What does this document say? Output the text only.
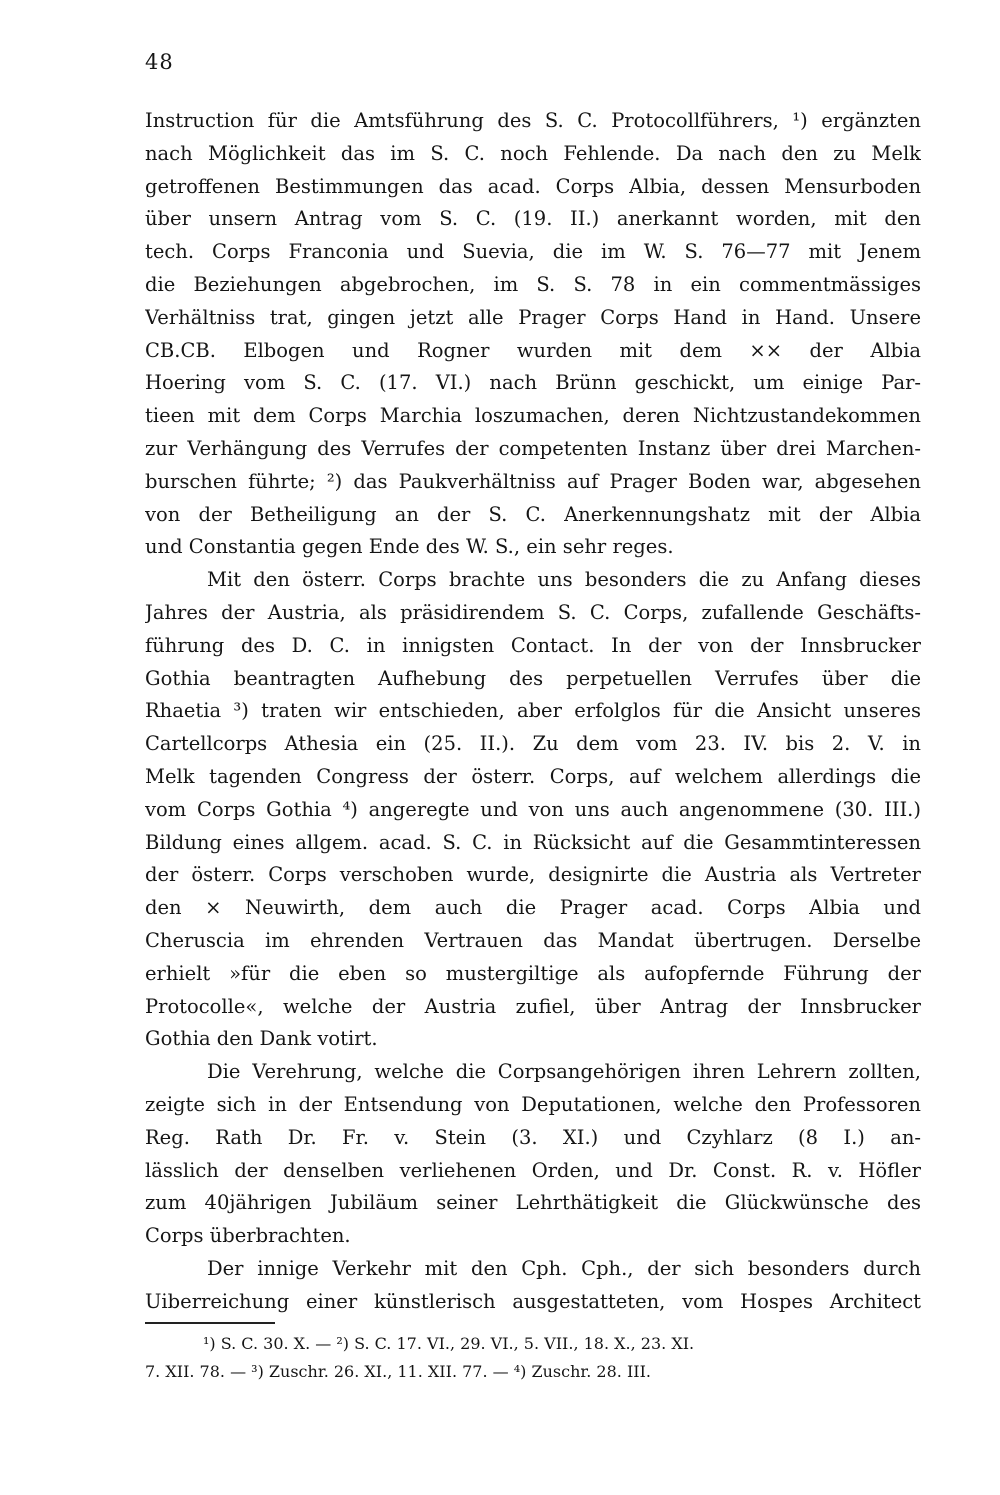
48
Instruction für die Amtsführung des S. C. Protocollführers, ¹) ergänzten
nach Möglichkeit das im S. C. noch Fehlende. Da nach den zu Melk
getroffenen Bestimmungen das acad. Corps Albia, dessen Mensurboden
über unsern Antrag vom S. C. (19. II.) anerkannt worden, mit den
tech. Corps Franconia und Suevia, die im W. S. 76—77 mit Jenem
die Beziehungen abgebrochen, im S. S. 78 in ein commentmässiges
Verhältniss trat, gingen jetzt alle Prager Corps Hand in Hand. Unsere
CB.CB. Elbogen und Rogner wurden mit dem ×× der Albia
Hoering vom S. C. (17. VI.) nach Brünn geschickt, um einige Par-
tieen mit dem Corps Marchia loszumachen, deren Nichtzustandekommen
zur Verhängung des Verrufes der competenten Instanz über drei Marchen-
burschen führte; ²) das Paukverhältniss auf Prager Boden war, abgesehen
von der Betheiligung an der S. C. Anerkennungshatz mit der Albia
und Constantia gegen Ende des W. S., ein sehr reges.
Mit den österr. Corps brachte uns besonders die zu Anfang dieses
Jahres der Austria, als präsidirendem S. C. Corps, zufallende Geschäfts-
führung des D. C. in innigsten Contact. In der von der Innsbrucker
Gothia beantragten Aufhebung des perpetuellen Verrufes über die
Rhaetia ³) traten wir entschieden, aber erfolglos für die Ansicht unseres
Cartellcorps Athesia ein (25. II.). Zu dem vom 23. IV. bis 2. V. in
Melk tagenden Congress der österr. Corps, auf welchem allerdings die
vom Corps Gothia ⁴) angeregte und von uns auch angenommene (30. III.)
Bildung eines allgem. acad. S. C. in Rücksicht auf die Gesammtinteressen
der österr. Corps verschoben wurde, designirte die Austria als Vertreter
den × Neuwirth, dem auch die Prager acad. Corps Albia und
Cheruscia im ehrenden Vertrauen das Mandat übertrugen. Derselbe
erhielt »für die eben so mustergiltige als aufopfernde Führung der
Protocolle«, welche der Austria zufiel, über Antrag der Innsbrucker
Gothia den Dank votirt.
Die Verehrung, welche die Corpsangehörigen ihren Lehrern zollten,
zeigte sich in der Entsendung von Deputationen, welche den Professoren
Reg. Rath Dr. Fr. v. Stein (3. XI.) und Czyhlarz (8 I.) an-
lässlich der denselben verliehenen Orden, und Dr. Const. R. v. Höfler
zum 40jährigen Jubiläum seiner Lehrthätigkeit die Glückwünsche des
Corps überbrachten.
Der innige Verkehr mit den Cph. Cph., der sich besonders durch
Uiberreichung einer künstlerisch ausgestatteten, vom Hospes Architect
¹) S. C. 30. X. — ²) S. C. 17. VI., 29. VI., 5. VII., 18. X., 23. XI.
7. XII. 78. — ³) Zuschr. 26. XI., 11. XII. 77. — ⁴) Zuschr. 28. III.
